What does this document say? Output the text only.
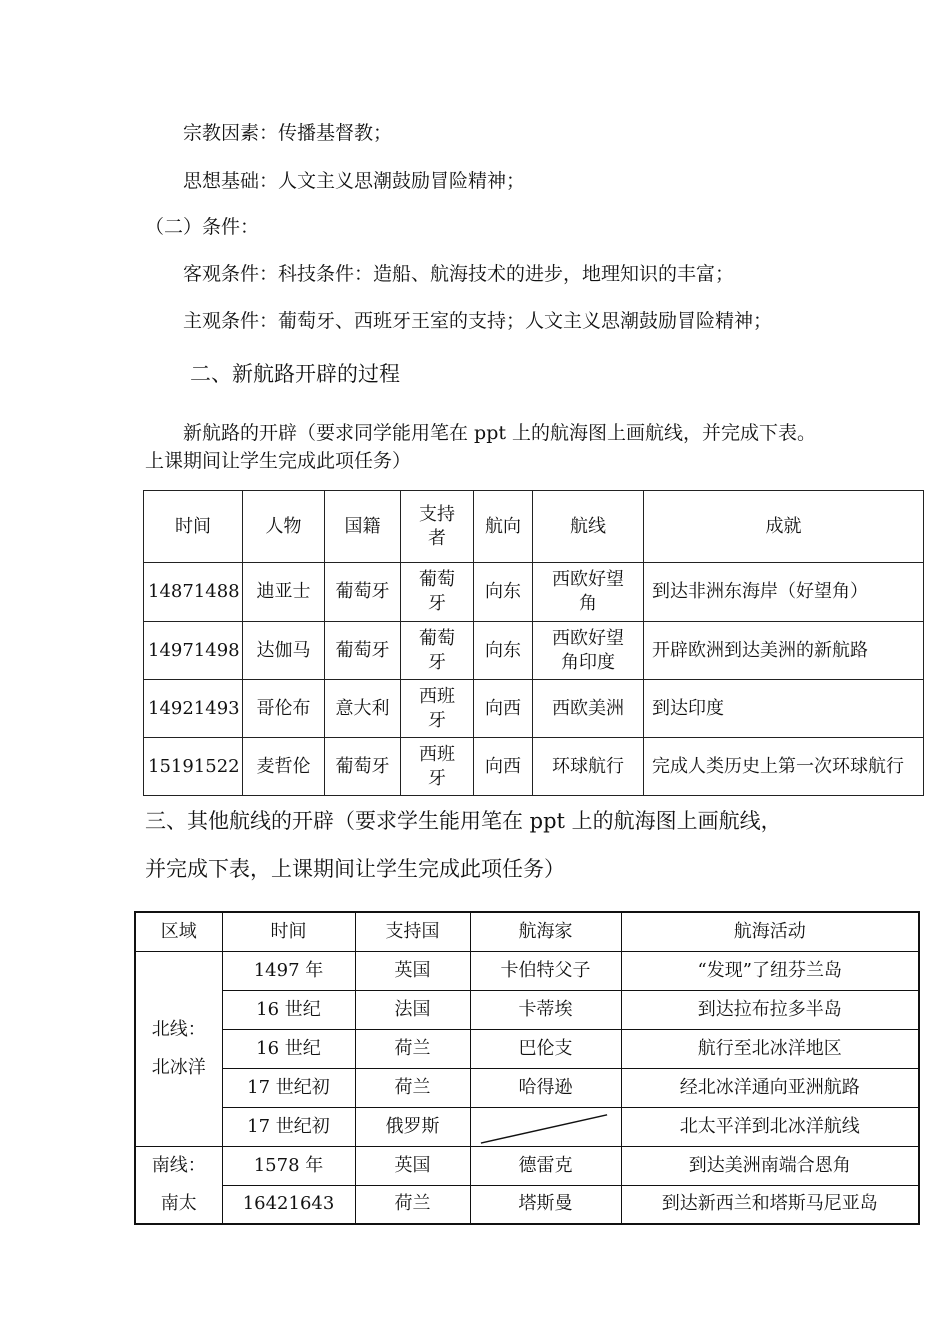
宗教因素：传播基督教；
思想基础：人文主义思潮鼓励冒险精神；
（二）条件：
客观条件：科技条件：造船、航海技术的进步，地理知识的丰富；
主观条件：葡萄牙、西班牙王室的支持；人文主义思潮鼓励冒险精神；
二、新航路开辟的过程
新航路的开辟（要求同学能用笔在 ppt 上的航海图上画航线，并完成下表。
上课期间让学生完成此项任务）
时间	人物	国籍	支持者	航向	航线	成就
14871488	迪亚士	葡萄牙	葡萄牙	向东	西欧好望角	到达非洲东海岸（好望角）
14971498	达伽马	葡萄牙	葡萄牙	向东	西欧好望角印度	开辟欧洲到达美洲的新航路
14921493	哥伦布	意大利	西班牙	向西	西欧美洲	到达印度
15191522	麦哲伦	葡萄牙	西班牙	向西	环球航行	完成人类历史上第一次环球航行
三、其他航线的开辟（要求学生能用笔在 ppt 上的航海图上画航线，
并完成下表，上课期间让学生完成此项任务）
区域	时间	支持国	航海家	航海活动
北线：北冰洋	1497 年	英国	卡伯特父子	“发现”了纽芬兰岛
	16 世纪	法国	卡蒂埃	到达拉布拉多半岛
	16 世纪	荷兰	巴伦支	航行至北冰洋地区
	17 世纪初	荷兰	哈得逊	经北冰洋通向亚洲航路
	17 世纪初	俄罗斯		北太平洋到北冰洋航线
南线：南太	1578 年	英国	德雷克	到达美洲南端合恩角
	16421643	荷兰	塔斯曼	到达新西兰和塔斯马尼亚岛
